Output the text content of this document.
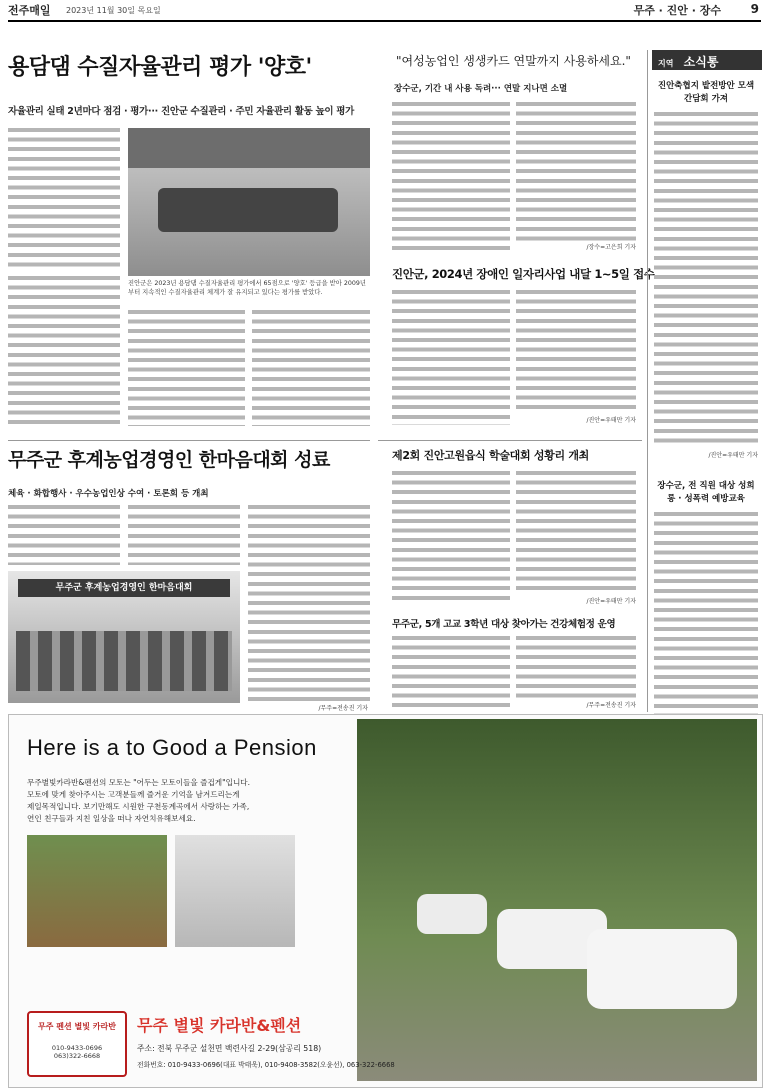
전주매일 2023년 11월 30일 목요일	무주 · 진안 · 장수 9
용담댐 수질자율관리 평가 '양호'
자율관리 실태 2년마다 점검 · 평가··· 진안군 수질관리 · 주민 자율관리 활동 높이 평가
진안군은 2023년 용담댐 수질자율관리 평가에서 65점으로 '양호' 등급을 받아 2009년부터 지속적인 수질자율관리 체계가 잘 유지되고 있다는 평가를 받았다.
"여성농업인 생생카드 연말까지 사용하세요."
장수군, 기간 내 사용 독려··· 연말 지나면 소멸
/장수=고은희 기자
진안군, 2024년 장애인 일자리사업 내달 1~5일 접수
/진안=우태만 기자
지역 소식통
진안축협지 밭전방안 모색 간담회 가져
/진안=우태만 기자
장수군, 전 직원 대상 성희롱 · 성폭력 예방교육
무주군 후계농업경영인 한마음대회 성료
체육 · 화합행사 · 우수농업인상 수여 · 토론회 등 개최
무주군 후계농업경영인 한마음대회
/무주=전송진 기자
제2회 진안고원읍식 학술대회 성황리 개최
/진안=우태만 기자
무주군, 5개 고교 3학년 대상 찾아가는 건강체험정 운영
/무주=전송진 기자
Here is a to Good a Pension
무주별빛카라반&펜션의 모토는 "어두는 모토이들을 즐겁게"입니다.
모토에 맞게 찾아주시는 고객분들께 즐거운 기억을 남겨드리는게
제일목적입니다. 보기만해도 시원한 구천동계곡에서 사랑하는 가족,
연인 친구들과 지친 일상을 떠나 자연치유해보세요.
무주 펜션 별빛 카라반
010-9433-0696
063)322-6668
무주 별빛 카라반&펜션
주소: 전북 무주군 설천면 백련사길 2-29(삼공리 518)
전화번호: 010-9433-0696(대표 박태욱), 010-9408-3582(오윤선), 063-322-6668
